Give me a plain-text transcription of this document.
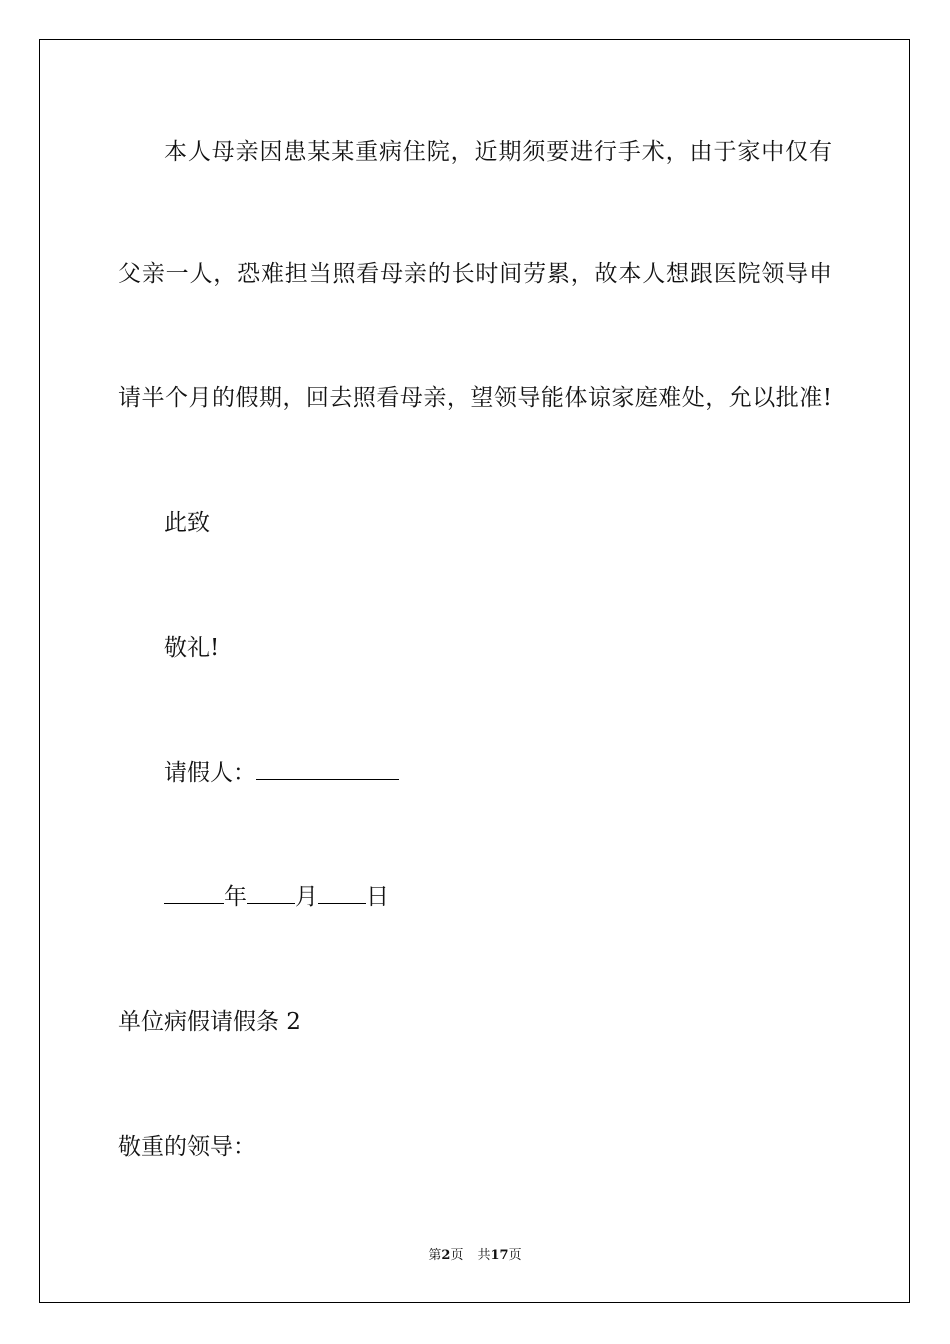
本人母亲因患某某重病住院，近期须要进行手术，由于家中仅有
父亲一人，恐难担当照看母亲的长时间劳累，故本人想跟医院领导申
请半个月的假期，回去照看母亲，望领导能体谅家庭难处，允以批准!
此致
敬礼!
请假人：
年 月 日
单位病假请假条 2
敬重的领导：
第2页 共17页
